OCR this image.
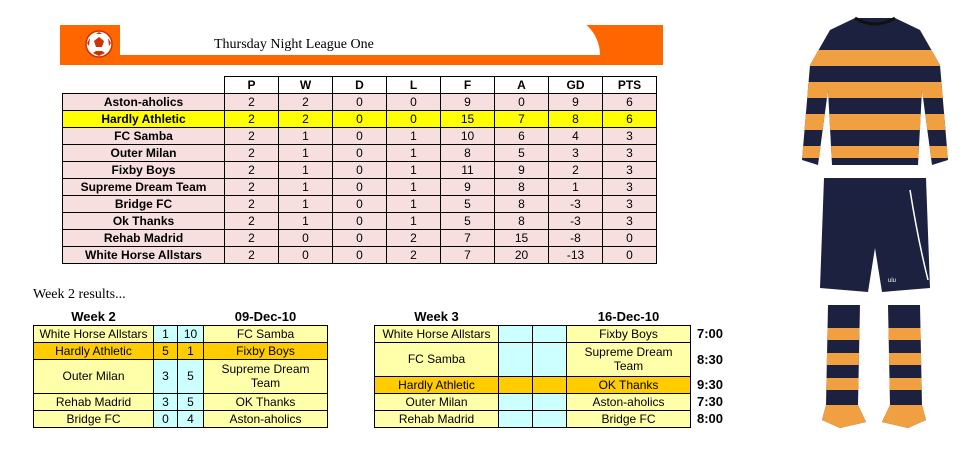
Thursday Night League One
	P	W	D	L	F	A	GD	PTS
Aston-aholics	2	2	0	0	9	0	9	6
Hardly Athletic	2	2	0	0	15	7	8	6
FC Samba	2	1	0	1	10	6	4	3
Outer Milan	2	1	0	1	8	5	3	3
Fixby Boys	2	1	0	1	11	9	2	3
Supreme Dream Team	2	1	0	1	9	8	1	3
Bridge FC	2	1	0	1	5	8	-3	3
Ok Thanks	2	1	0	1	5	8	-3	3
Rehab Madrid	2	0	0	2	7	15	-8	0
White Horse Allstars	2	0	0	2	7	20	-13	0
Week 2 results...
Week 2			09-Dec-10
White Horse Allstars	1	10	FC Samba
Hardly Athletic	5	1	Fixby Boys
Outer Milan	3	5	Supreme Dream Team
Rehab Madrid	3	5	OK Thanks
Bridge FC	0	4	Aston-aholics
Week 3			16-Dec-10	
White Horse Allstars			Fixby Boys	7:00
FC Samba			Supreme Dream Team	8:30
Hardly Athletic			OK Thanks	9:30
Outer Milan			Aston-aholics	7:30
Rehab Madrid			Bridge FC	8:00
ulu
